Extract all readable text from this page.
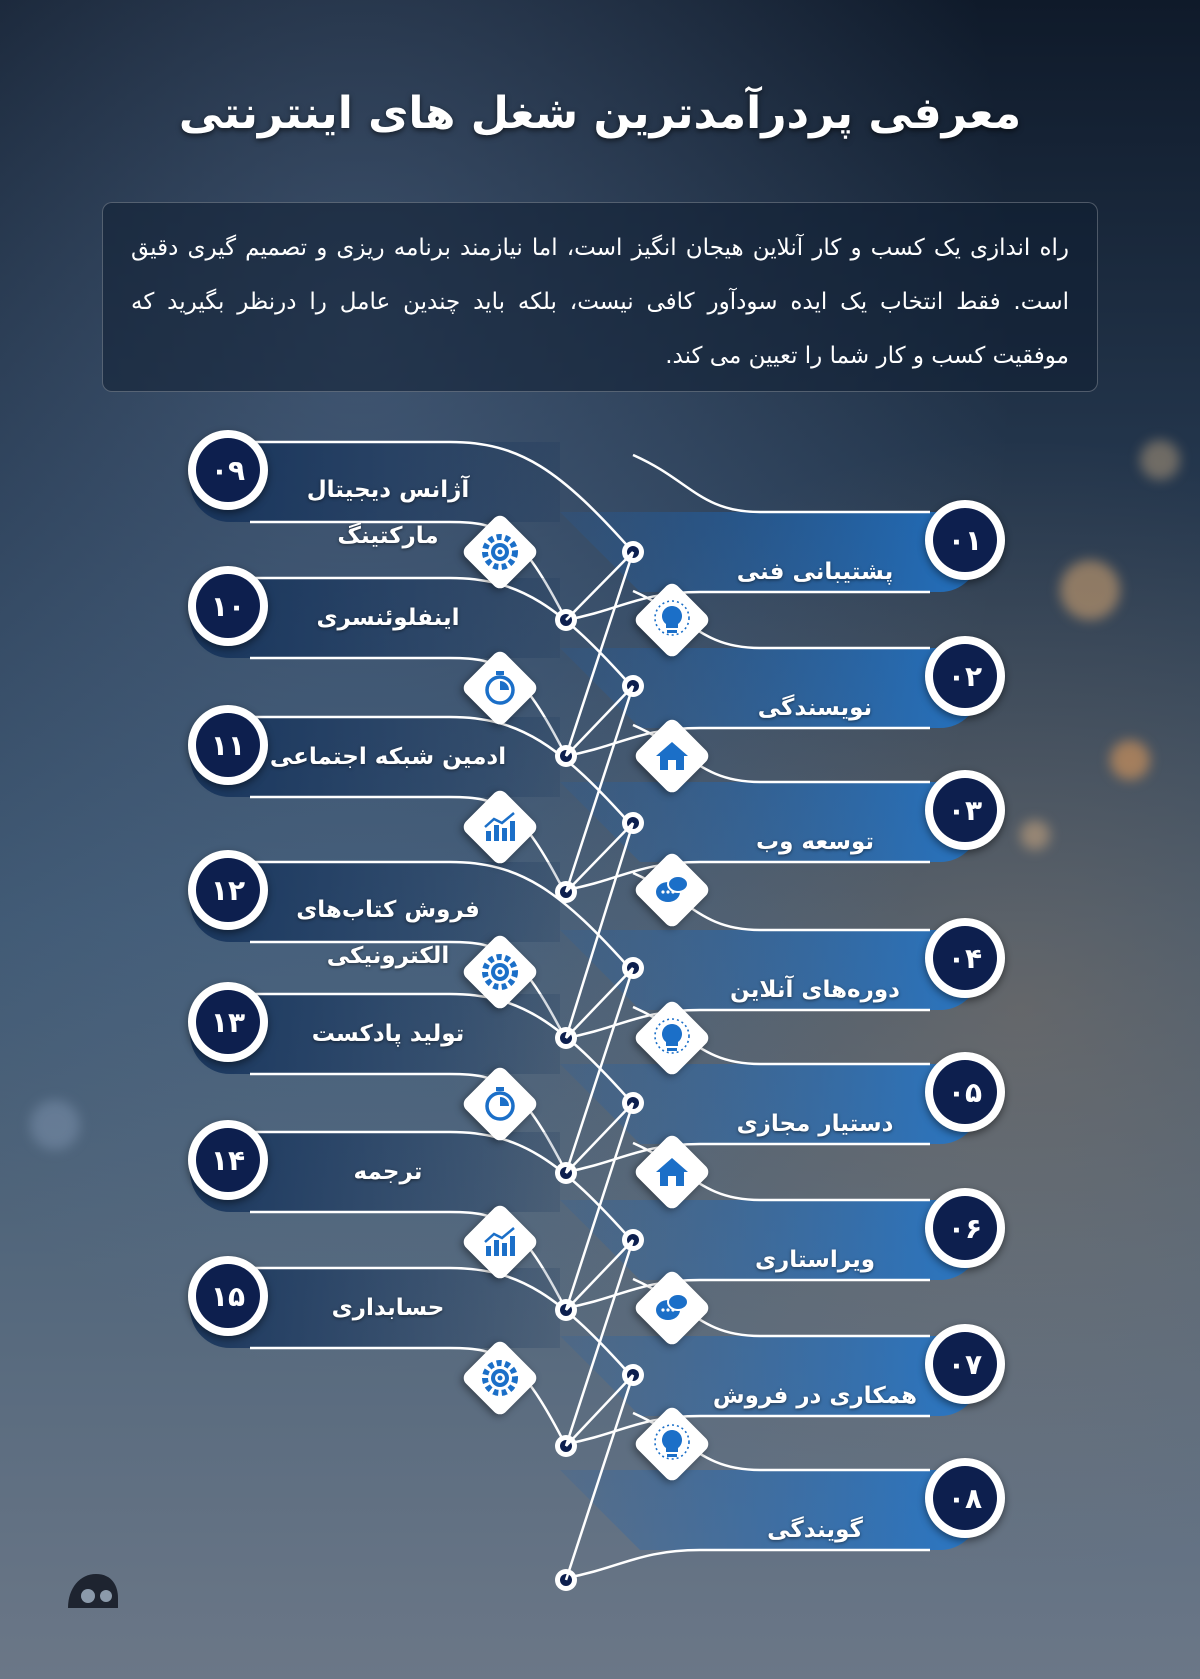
معرفی پردرآمدترین شغل های اینترنتی
راه اندازی یک کسب و کار آنلاین هیجان انگیز است، اما نیازمند برنامه ریزی و تصمیم گیری دقیق است. فقط انتخاب یک ایده سودآور کافی نیست، بلکه باید چندین عامل را درنظر بگیرید که موفقیت کسب و کار شما را تعیین می کند.
۰۱
پشتیبانی فنی
۰۲
نویسندگی
۰۳
توسعه وب
۰۴
دوره‌های آنلاین
۰۵
دستیار مجازی
۰۶
ویراستاری
۰۷
همکاری در فروش
۰۸
گویندگی
۰۹
آژانس دیجیتال مارکتینگ
۱۰	اینفلوئنسری
۱۱	ادمین شبکه اجتماعی
۱۲
فروش کتاب‌های الکترونیکی
۱۳	تولید پادکست
۱۴	ترجمه
۱۵	حسابداری
